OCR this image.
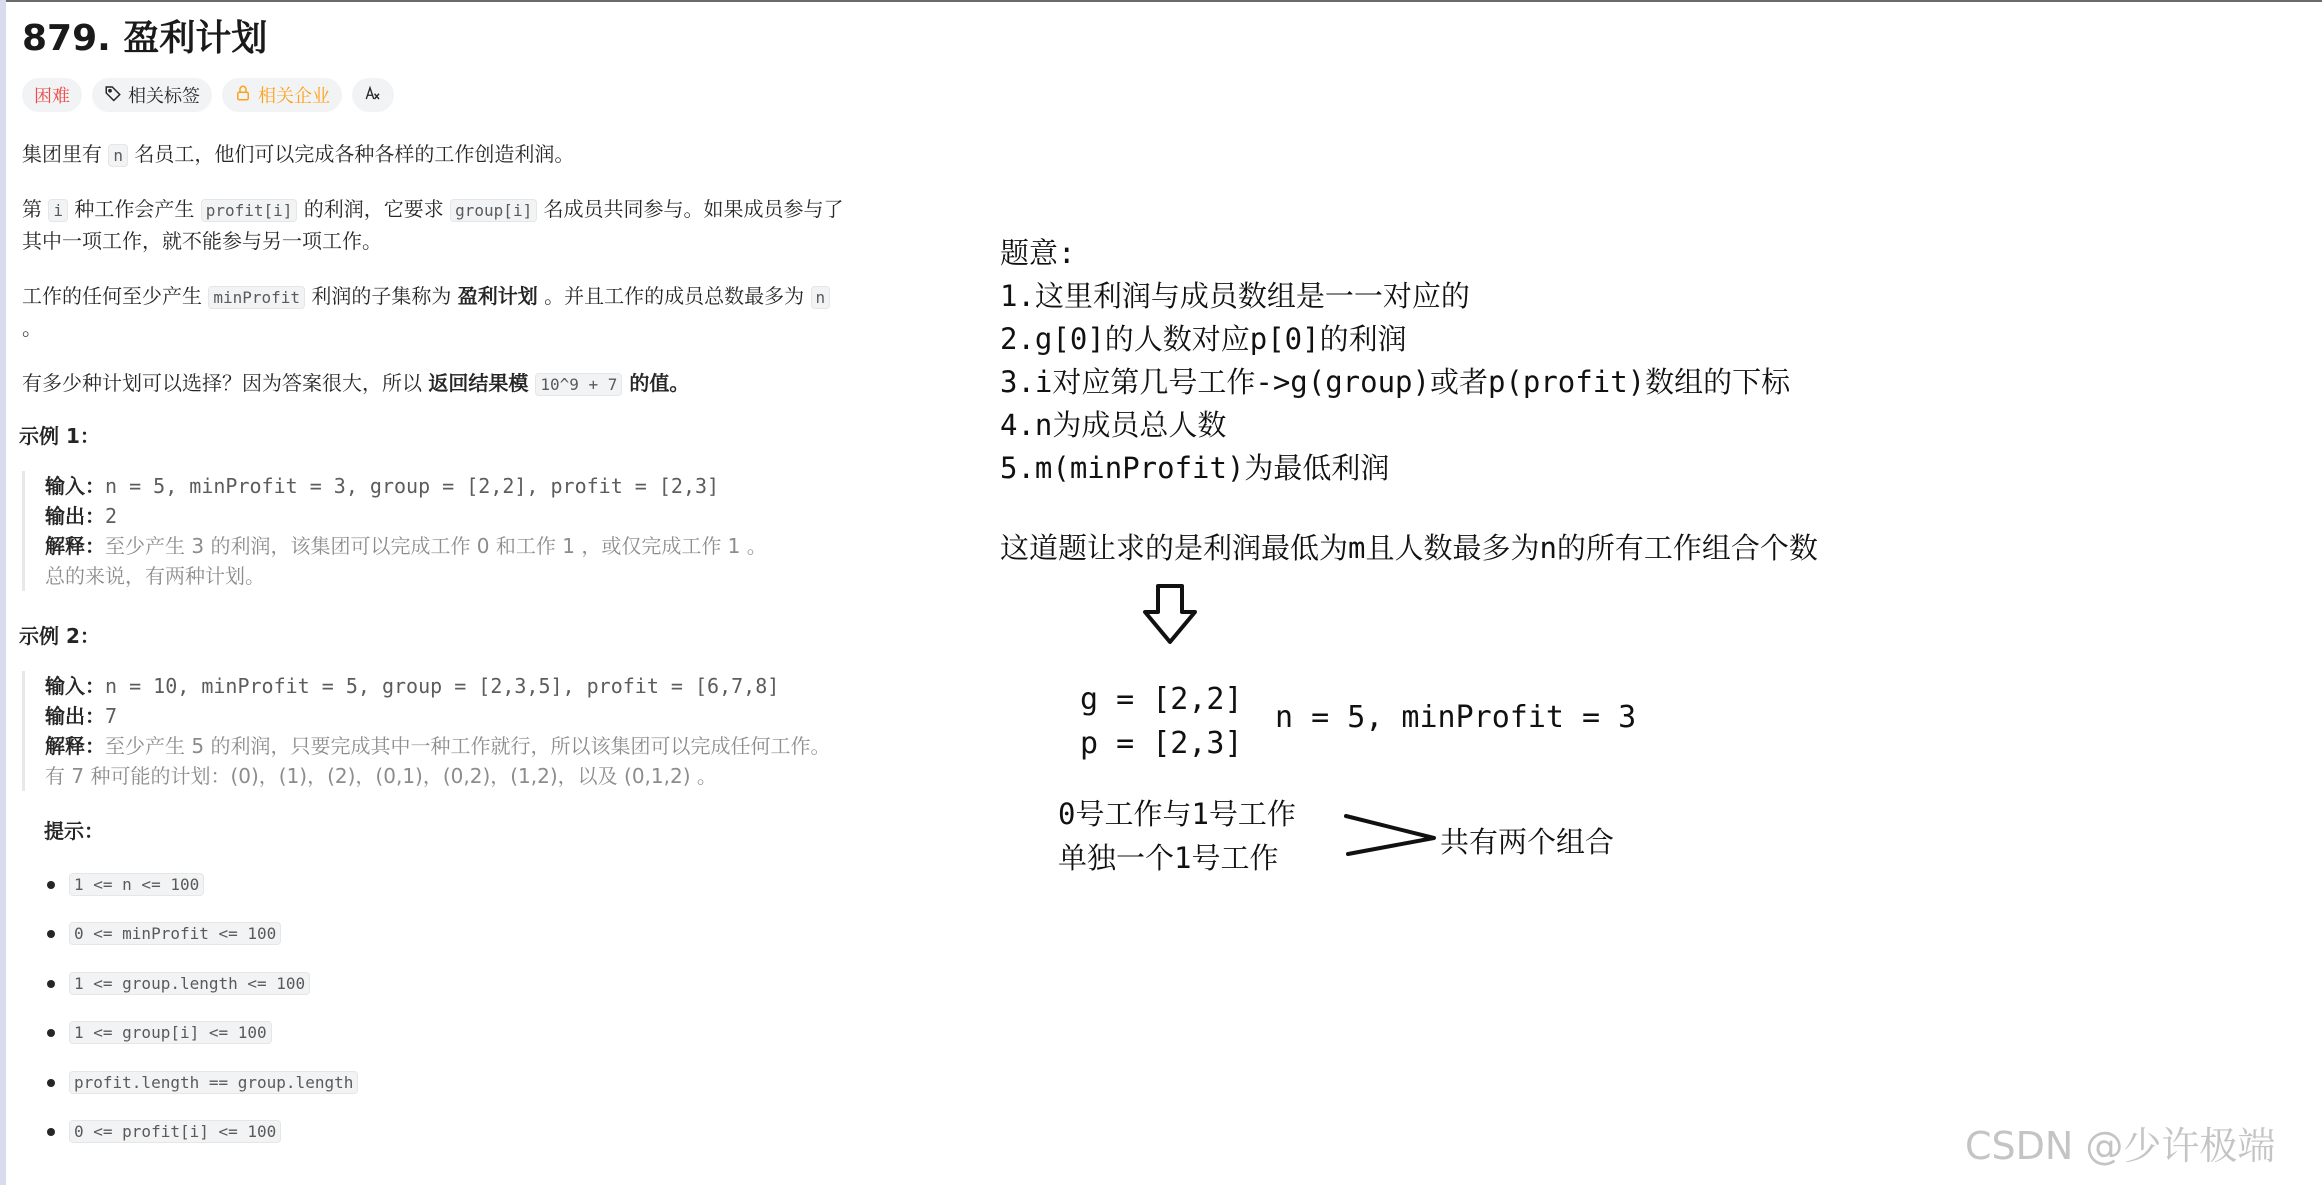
879. 盈利计划
困难	相关标签	相关企业
集团里有 n 名员工，他们可以完成各种各样的工作创造利润。
第 i 种工作会产生 profit[i] 的利润，它要求 group[i] 名成员共同参与。如果成员参与了
其中一项工作，就不能参与另一项工作。
工作的任何至少产生 minProfit 利润的子集称为 盈利计划 。并且工作的成员总数最多为 n
。
有多少种计划可以选择？因为答案很大，所以 返回结果模 10^9 + 7 的值。
示例 1：
输入：n = 5, minProfit = 3, group = [2,2], profit = [2,3]
输出：2
解释：至少产生 3 的利润，该集团可以完成工作 0 和工作 1 ，或仅完成工作 1 。
总的来说，有两种计划。
示例 2：
输入：n = 10, minProfit = 5, group = [2,3,5], profit = [6,7,8]
输出：7
解释：至少产生 5 的利润，只要完成其中一种工作就行，所以该集团可以完成任何工作。
有 7 种可能的计划：(0)，(1)，(2)，(0,1)，(0,2)，(1,2)，以及 (0,1,2) 。
提示：
1 <= n <= 100
0 <= minProfit <= 100
1 <= group.length <= 100
1 <= group[i] <= 100
profit.length == group.length
0 <= profit[i] <= 100
题意:
1.这里利润与成员数组是一一对应的
2.g[0]的人数对应p[0]的利润
3.i对应第几号工作->g(group)或者p(profit)数组的下标
4.n为成员总人数
5.m(minProfit)为最低利润
这道题让求的是利润最低为m且人数最多为n的所有工作组合个数
g = [2,2]
p = [2,3]
n = 5, minProfit = 3
0号工作与1号工作
单独一个1号工作	共有两个组合
CSDN @少许极端
